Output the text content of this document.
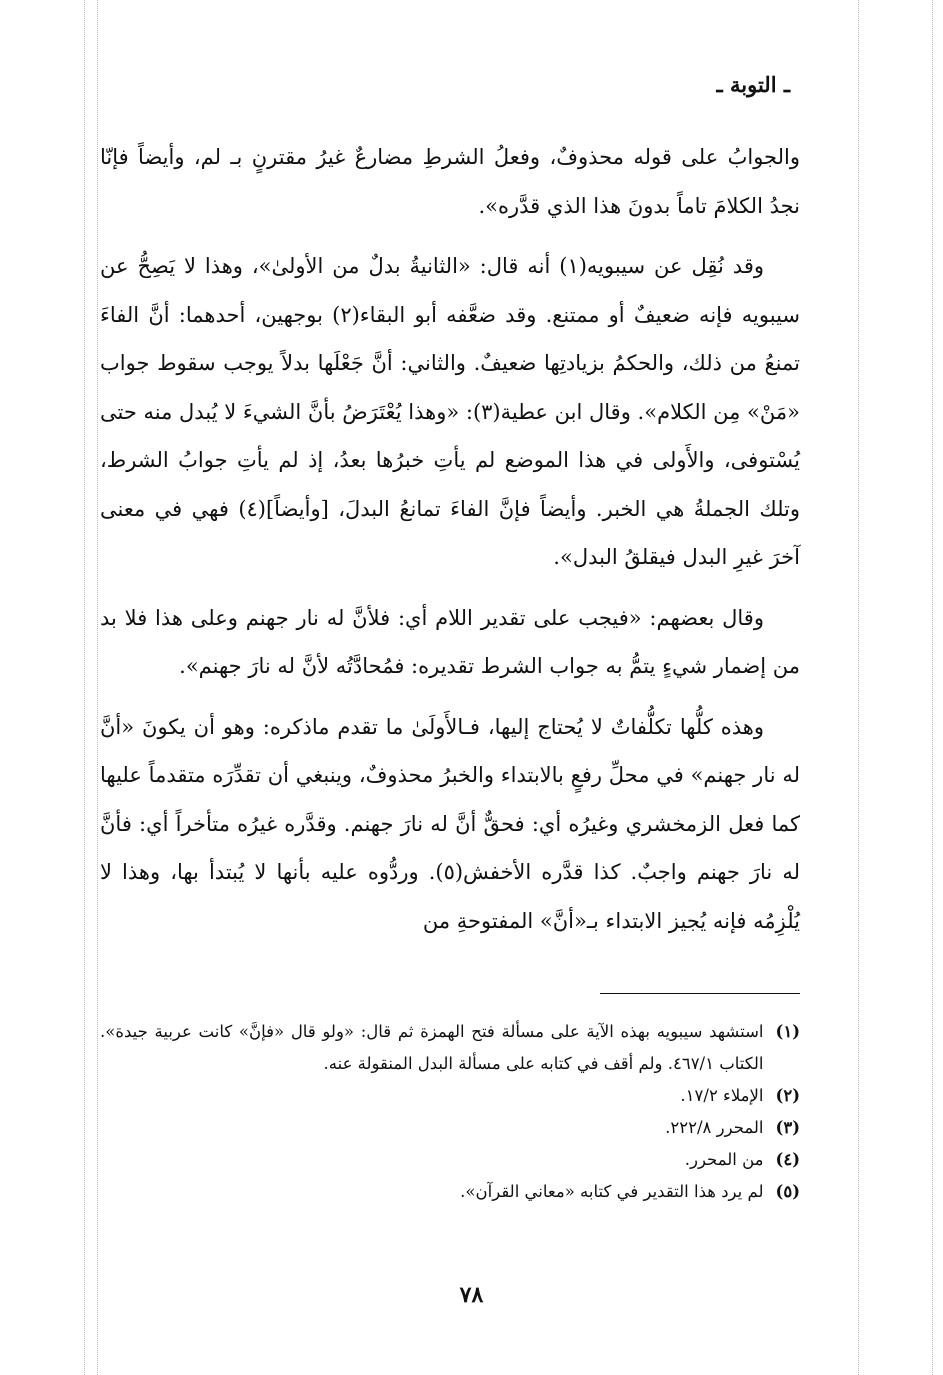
ـ التوبة ـ

والجوابُ على قوله محذوفٌ، وفعلُ الشرطِ مضارعٌ غيرُ مقترنٍ بـ لم، وأيضاً فإنّا نجدُ الكلامَ تاماً بدونَ هذا الذي قدَّره».

وقد نُقِل عن سيبويه(١) أنه قال: «الثانيةُ بدلٌ من الأولىٰ»، وهذا لا يَصِحُّ عن سيبويه فإنه ضعيفٌ أو ممتنع. وقد ضعَّفه أبو البقاء(٢) بوجهين، أحدهما: أنَّ الفاءَ تمنعُ من ذلك، والحكمُ بزيادتِها ضعيفٌ. والثاني: أنَّ جَعْلَها بدلاً يوجب سقوط جواب «مَنْ» مِن الكلام». وقال ابن عطية(٣): «وهذا يُعْتَرَضُ بأنَّ الشيءَ لا يُبدل منه حتى يُسْتوفى، والأَولى في هذا الموضع لم يأتِ خبرُها بعدُ، إذ لم يأتِ جوابُ الشرط، وتلك الجملةُ هي الخبر. وأيضاً فإنَّ الفاءَ تمانعُ البدلَ، [وأيضاً](٤) فهي في معنى آخرَ غيرِ البدل فيقلقُ البدل».

وقال بعضهم: «فيجب على تقدير اللام أي: فلأنَّ له نار جهنم وعلى هذا فلا بد من إضمار شيءٍ يتمُّ به جواب الشرط تقديره: فمُحادَّتُه لأنَّ له نارَ جهنم».

وهذه كلُّها تكلُّفاتٌ لا يُحتاج إليها، فـالأَولَىٰ ما تقدم ماذكره: وهو أن يكونَ «أنَّ له نار جهنم» في محلِّ رفعٍ بالابتداء والخبرُ محذوفٌ، وينبغي أن تقدِّرَه متقدماً عليها كما فعل الزمخشري وغيرُه أي: فحقٌّ أنَّ له نارَ جهنم. وقدَّره غيرُه متأخراً أي: فأنَّ له نارَ جهنم واجبٌ. كذا قدَّره الأخفش(٥). وردُّوه عليه بأنها لا يُبتدأ بها، وهذا لا يُلْزِمُه فإنه يُجيز الابتداء بـ«أنَّ» المفتوحةِ من

(١)
استشهد سيبويه بهذه الآية على مسألة فتح الهمزة ثم قال: «ولو قال «فإنَّ» كانت عربية جيدة». الكتاب ٤٦٧/١. ولم أقف في كتابه على مسألة البدل المنقولة عنه.
(٢)
الإملاء ١٧/٢.
(٣)
المحرر ٢٢٢/٨.
(٤)
من المحرر.
(٥)
لم يرد هذا التقدير في كتابه «معاني القرآن».
٧٨
